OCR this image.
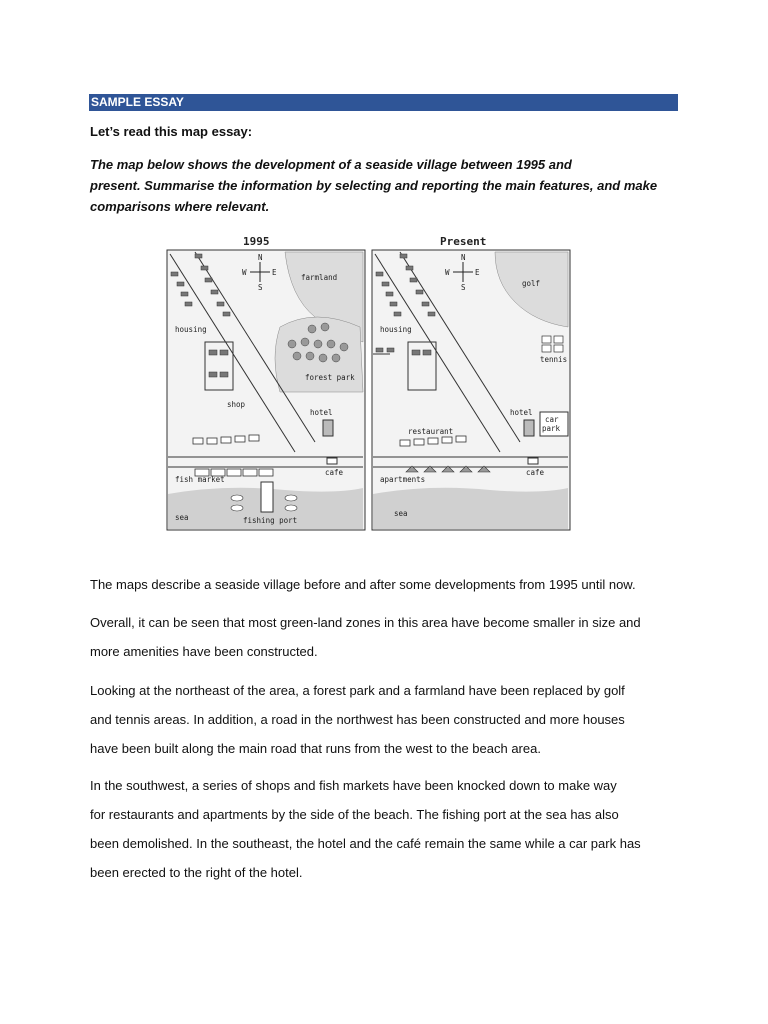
SAMPLE ESSAY
Let’s read this map essay:
The map below shows the development of a seaside village between 1995 and
present. Summarise the information by selecting and reporting the main features, and make
comparisons where relevant.
1995
farmland
forest park
N
S
E
W
housing
shop
hotel
cafe
fish market
sea	fishing port
Present
golf
tennis
N
S
E
W
housing
restaurant
hotel
car
park
cafe
apartments
sea
The maps describe a seaside village before and after some developments from 1995 until now.
Overall, it can be seen that most green-land zones in this area have become smaller in size and
more amenities have been constructed.
Looking at the northeast of the area, a forest park and a farmland have been replaced by golf
and tennis areas. In addition, a road in the northwest has been constructed and more houses
have been built along the main road that runs from the west to the beach area.
In the southwest, a series of shops and fish markets have been knocked down to make way
for restaurants and apartments by the side of the beach. The fishing port at the sea has also
been demolished. In the southeast, the hotel and the café remain the same while a car park has
been erected to the right of the hotel.
